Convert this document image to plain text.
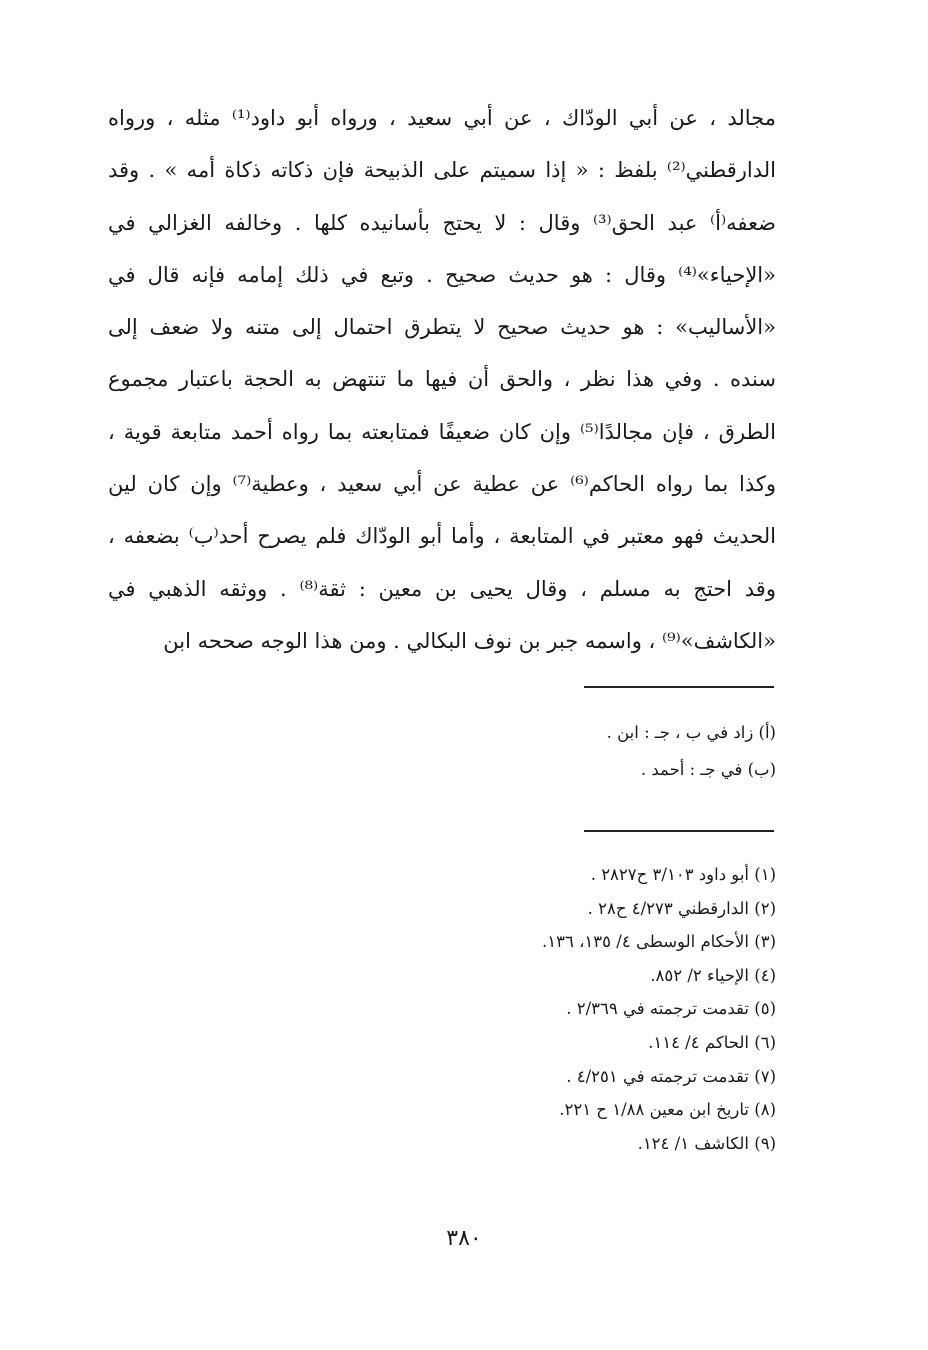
مجالد ، عن أبي الودّاك ، عن أبي سعيد ، ورواه أبو داود⁽¹⁾ مثله ، ورواه
الدارقطني⁽²⁾ بلفظ : « إذا سميتم على الذبيحة فإن ذكاته ذكاة أمه » . وقد
ضعفه⁽أ⁾ عبد الحق⁽³⁾ وقال : لا يحتج بأسانيده كلها . وخالفه الغزالي في
«الإحياء»⁽⁴⁾ وقال : هو حديث صحيح . وتبع في ذلك إمامه فإنه قال في
«الأساليب» : هو حديث صحيح لا يتطرق احتمال إلى متنه ولا ضعف إلى
سنده . وفي هذا نظر ، والحق أن فيها ما تنتهض به الحجة باعتبار مجموع
الطرق ، فإن مجالدًا⁽⁵⁾ وإن كان ضعيفًا فمتابعته بما رواه أحمد متابعة قوية ،
وكذا بما رواه الحاكم⁽⁶⁾ عن عطية عن أبي سعيد ، وعطية⁽⁷⁾ وإن كان لين
الحديث فهو معتبر في المتابعة ، وأما أبو الودّاك فلم يصرح أحد⁽ب⁾ بضعفه ،
وقد احتج به مسلم ، وقال يحيى بن معين : ثقة⁽⁸⁾ . ووثقه الذهبي في
«الكاشف»⁽⁹⁾ ، واسمه جبر بن نوف البكالي . ومن هذا الوجه صححه ابن
(أ) زاد في ب ، جـ : ابن .
(ب) في جـ : أحمد .
(١) أبو داود ٣/١٠٣ ح٢٨٢٧ .
(٢) الدارقطني ٤/٢٧٣ ح٢٨ .
(٣) الأحكام الوسطى ٤/ ١٣٥، ١٣٦.
(٤) الإحياء ٢/ ٨٥٢.
(٥) تقدمت ترجمته في ٢/٣٦٩ .
(٦) الحاكم ٤/ ١١٤.
(٧) تقدمت ترجمته في ٤/٢٥١ .
(٨) تاريخ ابن معين ١/٨٨ ح ٢٢١.
(٩) الكاشف ١/ ١٢٤.
٣٨٠
